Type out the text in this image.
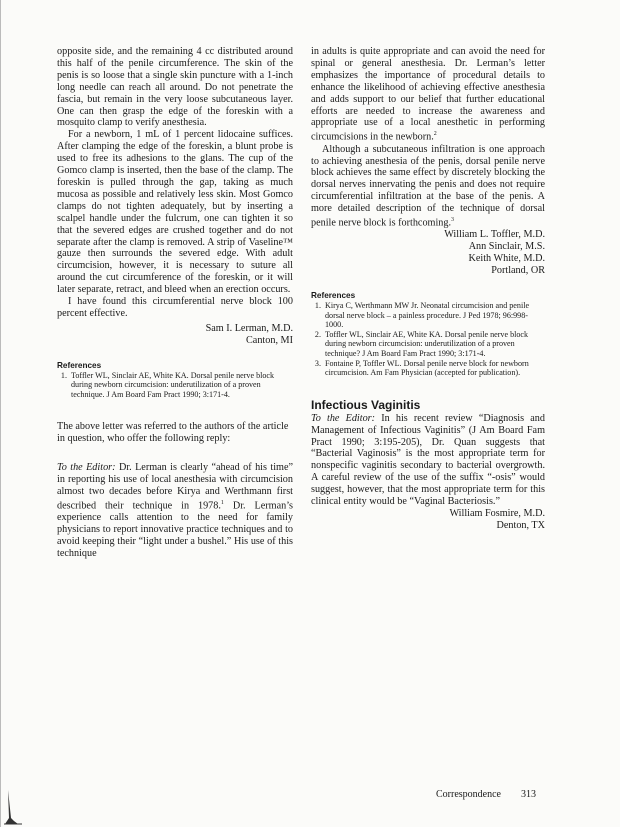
opposite side, and the remaining 4 cc distributed around this half of the penile circumference. The skin of the penis is so loose that a single skin puncture with a 1-inch long needle can reach all around. Do not penetrate the fascia, but remain in the very loose subcutaneous layer. One can then grasp the edge of the foreskin with a mosquito clamp to verify anesthesia.

For a newborn, 1 mL of 1 percent lidocaine suffices. After clamping the edge of the foreskin, a blunt probe is used to free its adhesions to the glans. The cup of the Gomco clamp is inserted, then the base of the clamp. The foreskin is pulled through the gap, taking as much mucosa as possible and relatively less skin. Most Gomco clamps do not tighten adequately, but by inserting a scalpel handle under the fulcrum, one can tighten it so that the severed edges are crushed together and do not separate after the clamp is removed. A strip of Vaseline™ gauze then surrounds the severed edge. With adult circumcision, however, it is necessary to suture all around the cut circumference of the foreskin, or it will later separate, retract, and bleed when an erection occurs.

I have found this circumferential nerve block 100 percent effective.

Sam I. Lerman, M.D.
Canton, MI
References
1. Toffler WL, Sinclair AE, White KA. Dorsal penile nerve block during newborn circumcision: underutilization of a proven technique. J Am Board Fam Pract 1990; 3:171-4.

The above letter was referred to the authors of the article in question, who offer the following reply:

To the Editor: Dr. Lerman is clearly “ahead of his time” in reporting his use of local anesthesia with circumcision almost two decades before Kirya and Werthmann first described their technique in 1978.$^1$ Dr. Lerman’s experience calls attention to the need for family physicians to report innovative practice techniques and to avoid keeping their “light under a bushel.” His use of this technique

in adults is quite appropriate and can avoid the need for spinal or general anesthesia. Dr. Lerman’s letter emphasizes the importance of procedural details to enhance the likelihood of achieving effective anesthesia and adds support to our belief that further educational efforts are needed to increase the awareness and appropriate use of a local anesthetic in performing circumcisions in the newborn.$^2$

Although a subcutaneous infiltration is one approach to achieving anesthesia of the penis, dorsal penile nerve block achieves the same effect by discretely blocking the dorsal nerves innervating the penis and does not require circumferential infiltration at the base of the penis. A more detailed description of the technique of dorsal penile nerve block is forthcoming.$^3$

William L. Toffler, M.D.
Ann Sinclair, M.S.
Keith White, M.D.
Portland, OR
References
1. Kirya C, Werthmann MW Jr. Neonatal circumcision and penile dorsal nerve block – a painless procedure. J Ped 1978; 96:998-1000.
2. Toffler WL, Sinclair AE, White KA. Dorsal penile nerve block during newborn circumcision: underutilization of a proven technique? J Am Board Fam Pract 1990; 3:171-4.
3. Fontaine P, Toffler WL. Dorsal penile nerve block for newborn circumcision. Am Fam Physician (accepted for publication).
Infectious Vaginitis

To the Editor: In his recent review “Diagnosis and Management of Infectious Vaginitis” (J Am Board Fam Pract 1990; 3:195-205), Dr. Quan suggests that “Bacterial Vaginosis” is the most appropriate term for nonspecific vaginitis secondary to bacterial overgrowth. A careful review of the use of the suffix “-osis” would suggest, however, that the most appropriate term for this clinical entity would be “Vaginal Bacteriosis.”

William Fosmire, M.D.
Denton, TX
Correspondence 313
